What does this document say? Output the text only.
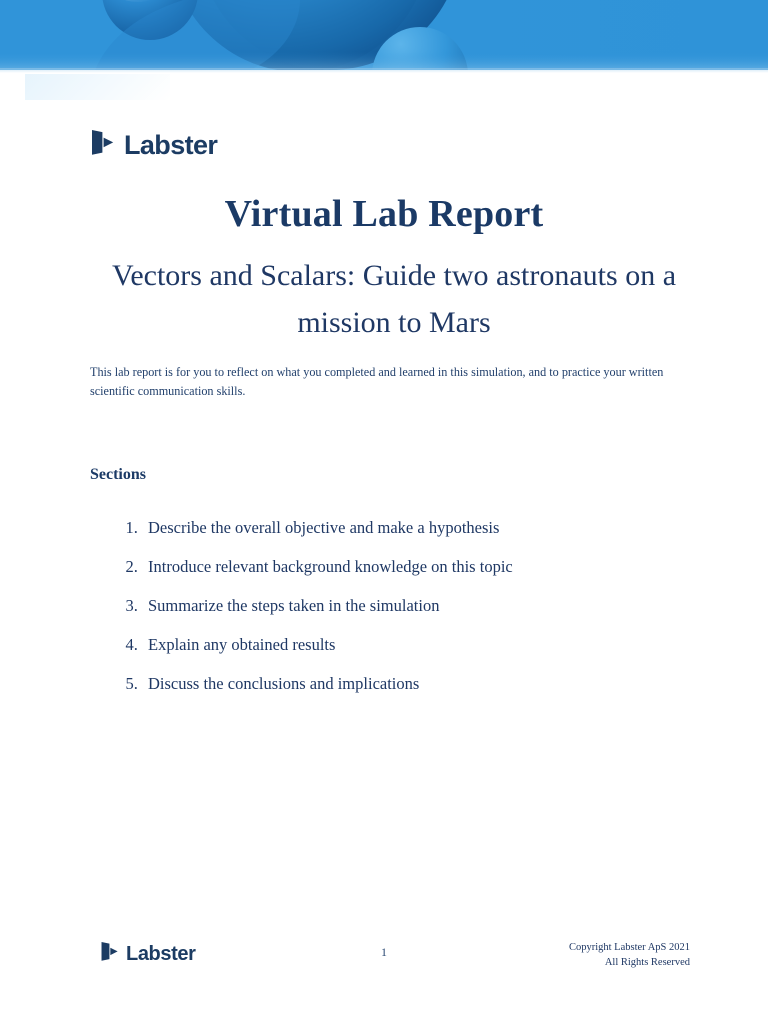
Labster
Virtual Lab Report
Vectors and Scalars: Guide two astronauts on a mission to Mars

This lab report is for you to reflect on what you completed and learned in this simulation, and to practice your written scientific communication skills.

Sections
1. Describe the overall objective and make a hypothesis
2. Introduce relevant background knowledge on this topic
3. Summarize the steps taken in the simulation
4. Explain any obtained results
5. Discuss the conclusions and implications
Labster	1	Copyright Labster ApS 2021
All Rights Reserved
